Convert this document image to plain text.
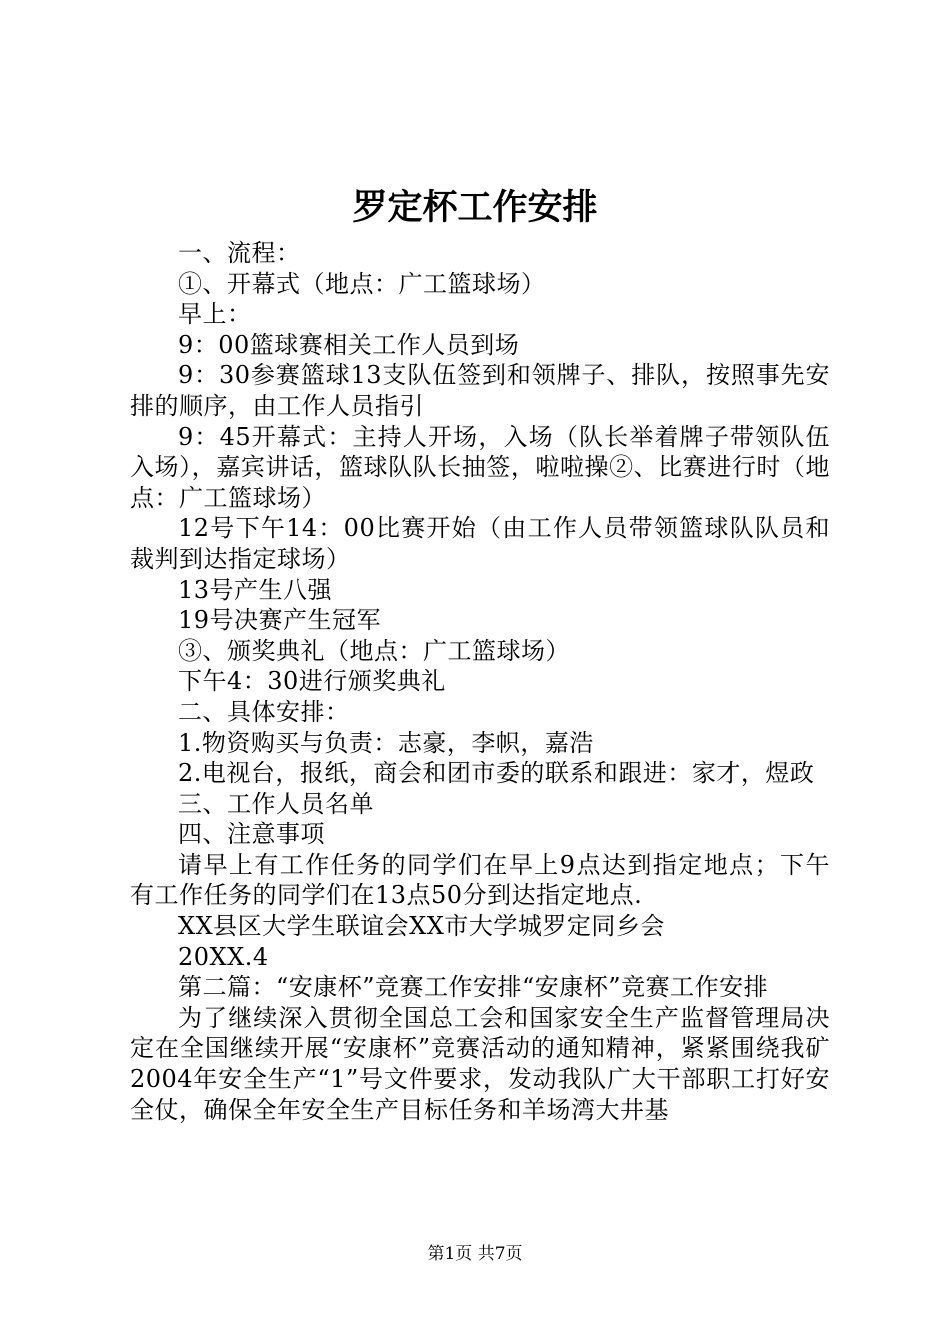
罗定杯工作安排

一、流程：

①、开幕式（地点：广工篮球场）

早上：

9：00篮球赛相关工作人员到场

9：30参赛篮球13支队伍签到和领牌子、排队，按照事先安排的顺序，由工作人员指引

9：45开幕式：主持人开场，入场（队长举着牌子带领队伍入场），嘉宾讲话，篮球队队长抽签，啦啦操②、比赛进行时（地点：广工篮球场）

12号下午14：00比赛开始（由工作人员带领篮球队队员和裁判到达指定球场）

13号产生八强

19号决赛产生冠军

③、颁奖典礼（地点：广工篮球场）

下午4：30进行颁奖典礼

二、具体安排：

1.物资购买与负责：志豪，李帜，嘉浩

2.电视台，报纸，商会和团市委的联系和跟进：家才，煜政

三、工作人员名单

四、注意事项

请早上有工作任务的同学们在早上9点达到指定地点；下午有工作任务的同学们在13点50分到达指定地点.

XX县区大学生联谊会XX市大学城罗定同乡会

20XX.4

第二篇：“安康杯”竞赛工作安排“安康杯”竞赛工作安排

为了继续深入贯彻全国总工会和国家安全生产监督管理局决定在全国继续开展“安康杯”竞赛活动的通知精神，紧紧围绕我矿2004年安全生产“1”号文件要求，发动我队广大干部职工打好安全仗，确保全年安全生产目标任务和羊场湾大井基

第1页 共7页
